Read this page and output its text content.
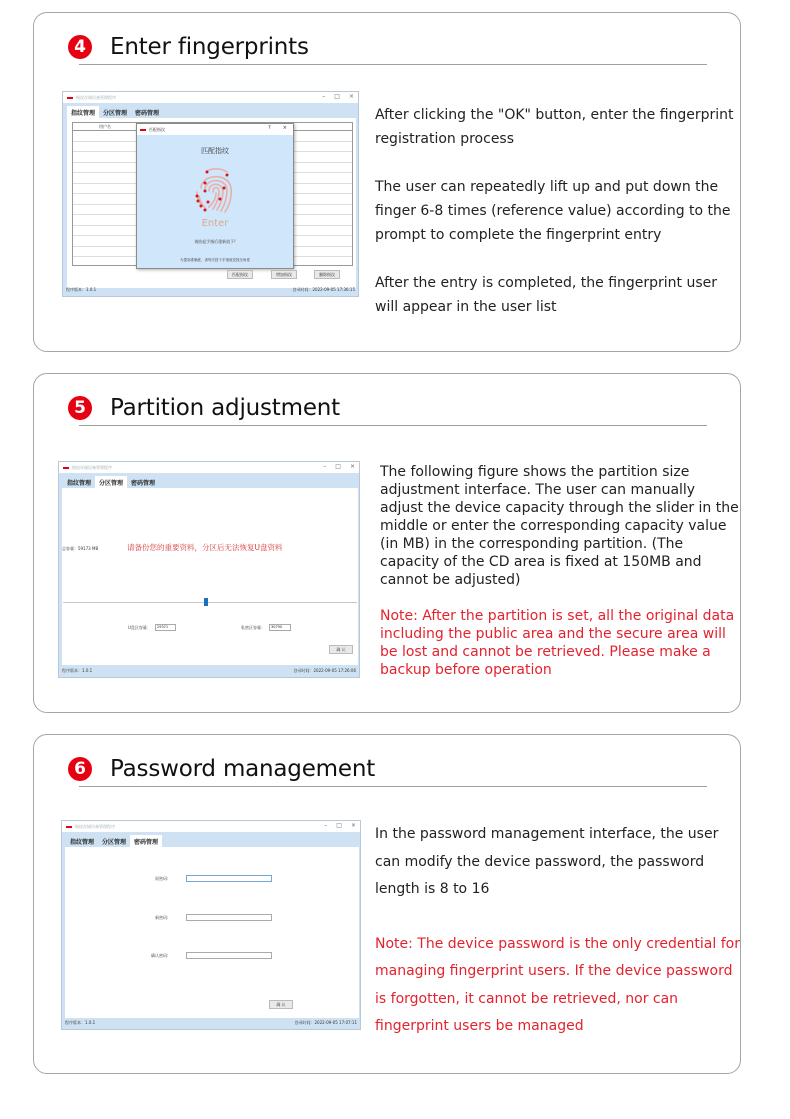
4 Enter fingerprints
指纹存储设备管理程序	– □ ×
指纹管理	分区管理	密码管理
用户名	匹配指纹	? ×
匹配指纹
Enter
请抬起手指后重新放下!
为提高准确度，请每次按下手指改变按压角度
匹配指纹	增加指纹	删除指纹
程序版本：1.0.1	登录时间：2022-09-05 17:36:15

After clicking the "OK" button, enter the fingerprint registration process

The user can repeatedly lift up and put down the finger 6-8 times (reference value) according to the prompt to complete the fingerprint entry

After the entry is completed, the fingerprint user will appear in the user list

5 Partition adjustment
指纹存储设备管理程序	– □ ×
指纹管理	分区管理	密码管理
总容量：59173 MB	请备份您的重要资料，分区后无法恢复U盘资料
U盘区容量：	29371	私密区容量：	30790
确 认
程序版本：1.0.1	登录时间：2022-09-05 17:26:06

The following figure shows the partition size adjustment interface. The user can manually adjust the device capacity through the slider in the middle or enter the corresponding capacity value (in MB) in the corresponding partition. (The capacity of the CD area is fixed at 150MB and cannot be adjusted)

Note: After the partition is set, all the original data including the public area and the secure area will be lost and cannot be retrieved. Please make a backup before operation

6 Password management
指纹存储设备管理程序	– □ ×
指纹管理	分区管理	密码管理
原密码:
新密码:
确认密码:
确 认
程序版本：1.0.1	登录时间：2022-09-05 17:07:11

In the password management interface, the user can modify the device password, the password length is 8 to 16

Note: The device password is the only credential for managing fingerprint users. If the device password is forgotten, it cannot be retrieved, nor can fingerprint users be managed
